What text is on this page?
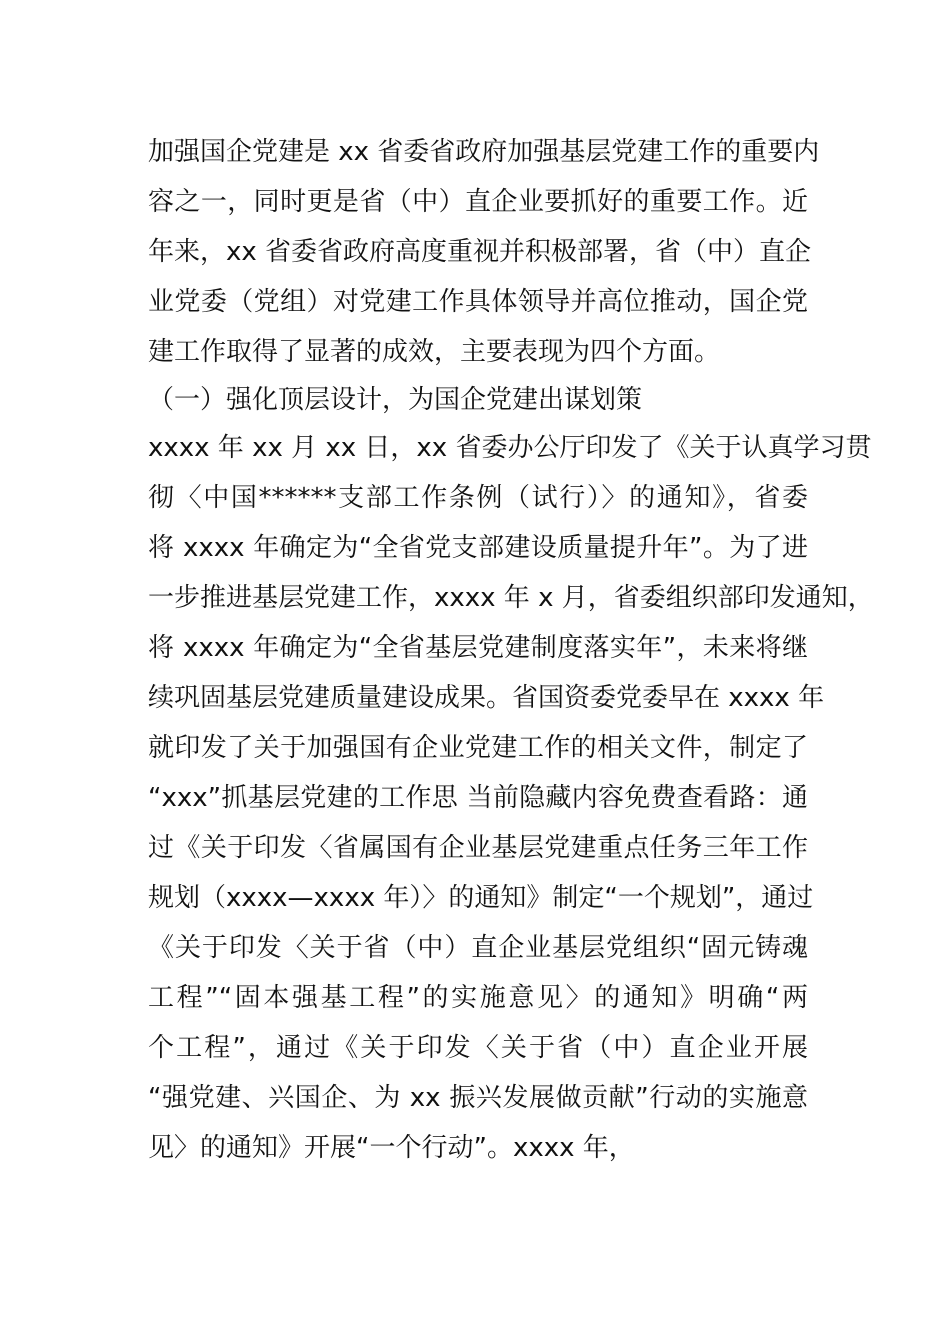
加强国企党建是 xx 省委省政府加强基层党建工作的重要内
容之一，同时更是省（中）直企业要抓好的重要工作。近
年来，xx 省委省政府高度重视并积极部署，省（中）直企
业党委（党组）对党建工作具体领导并高位推动，国企党
建工作取得了显著的成效，主要表现为四个方面。
（一）强化顶层设计，为国企党建出谋划策
xxxx 年 xx 月 xx 日，xx 省委办公厅印发了《关于认真学习贯
彻〈中国******支部工作条例（试行）〉的通知》，省委
将 xxxx 年确定为“全省党支部建设质量提升年”。为了进
一步推进基层党建工作，xxxx 年 x 月，省委组织部印发通知，
将 xxxx 年确定为“全省基层党建制度落实年”，未来将继
续巩固基层党建质量建设成果。省国资委党委早在 xxxx 年
就印发了关于加强国有企业党建工作的相关文件，制定了
“xxx”抓基层党建的工作思 当前隐藏内容免费查看路：通
过《关于印发〈省属国有企业基层党建重点任务三年工作
规划（xxxx—xxxx 年）〉的通知》制定“一个规划”，通过
《关于印发〈关于省（中）直企业基层党组织“固元铸魂
工程”“固本强基工程”的实施意见〉的通知》明确“两
个工程”，通过《关于印发〈关于省（中）直企业开展
“强党建、兴国企、为 xx 振兴发展做贡献”行动的实施意
见〉的通知》开展“一个行动”。xxxx 年，
